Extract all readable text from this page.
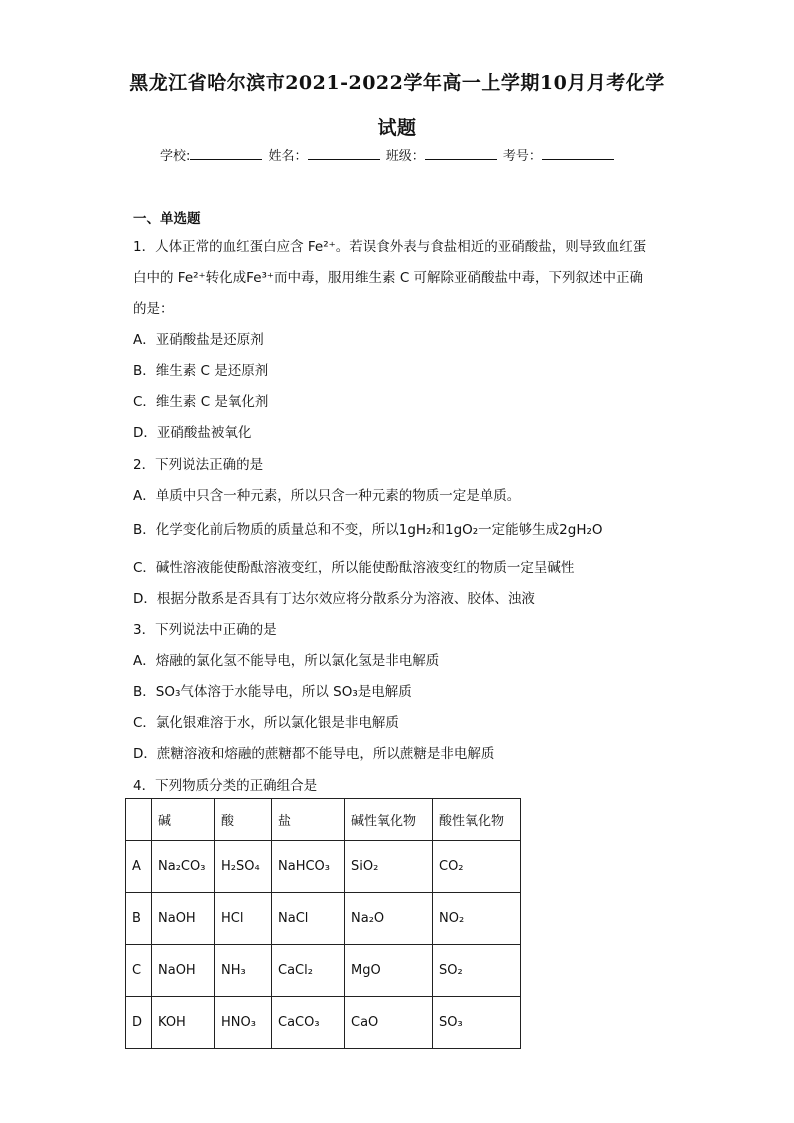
黑龙江省哈尔滨市2021-2022学年高一上学期10月月考化学
试题
学校:	姓名：	班级：	考号：
一、单选题
1．人体正常的血红蛋白应含 Fe²⁺。若误食外表与食盐相近的亚硝酸盐，则导致血红蛋
白中的 Fe²⁺转化成Fe³⁺而中毒，服用维生素 C 可解除亚硝酸盐中毒，下列叙述中正确
的是：
A．亚硝酸盐是还原剂
B．维生素 C 是还原剂
C．维生素 C 是氧化剂
D．亚硝酸盐被氧化
2．下列说法正确的是
A．单质中只含一种元素，所以只含一种元素的物质一定是单质。
B．化学变化前后物质的质量总和不变，所以1gH₂和1gO₂一定能够生成2gH₂O
C．碱性溶液能使酚酞溶液变红，所以能使酚酞溶液变红的物质一定呈碱性
D．根据分散系是否具有丁达尔效应将分散系分为溶液、胶体、浊液
3．下列说法中正确的是
A．熔融的氯化氢不能导电，所以氯化氢是非电解质
B．SO₃气体溶于水能导电，所以 SO₃是电解质
C．氯化银难溶于水，所以氯化银是非电解质
D．蔗糖溶液和熔融的蔗糖都不能导电，所以蔗糖是非电解质
4．下列物质分类的正确组合是
	碱	酸	盐	碱性氧化物	酸性氧化物
A	Na₂CO₃	H₂SO₄	NaHCO₃	SiO₂	CO₂
B	NaOH	HCl	NaCl	Na₂O	NO₂
C	NaOH	NH₃	CaCl₂	MgO	SO₂
D	KOH	HNO₃	CaCO₃	CaO	SO₃
